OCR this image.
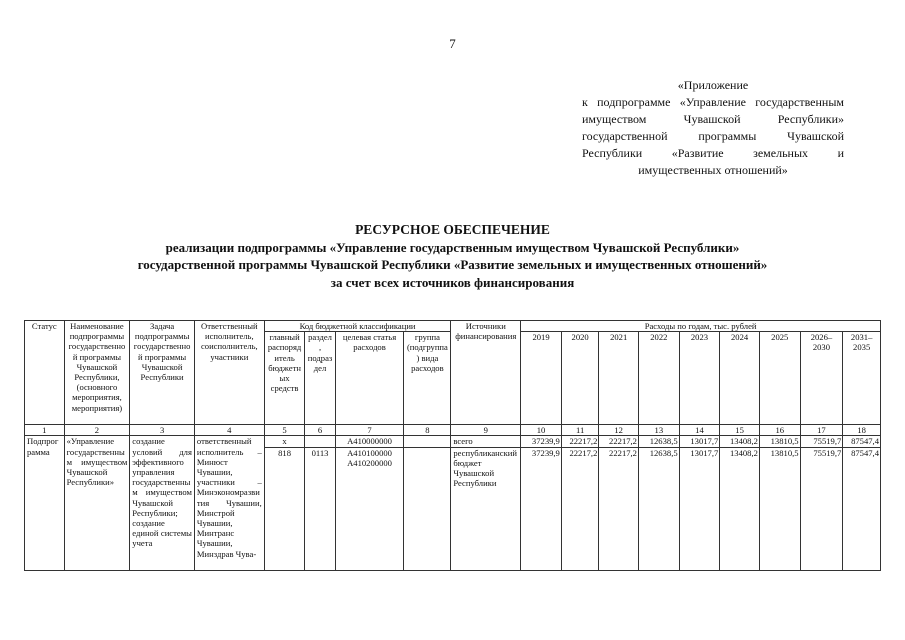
7
«Приложение
к подпрограмме «Управление государственным имуществом Чувашской Республики» государственной программы Чувашской Республики «Развитие земельных и имущественных отношений»
РЕСУРСНОЕ ОБЕСПЕЧЕНИЕ
реализации подпрограммы «Управление государственным имуществом Чувашской Республики»
государственной программы Чувашской Республики «Развитие земельных и имущественных отношений»
за счет всех источников финансирования
Статус	Наименование подпрограммы государственной программы Чувашской Республики, (основного мероприятия, мероприятия)	Задача подпрограммы государственной программы Чувашской Республики	Ответственный исполнитель, соисполнитель, участники	Код бюджетной классификации				Источники финансирования	Расходы по годам, тыс. рублей								
				главный распорядитель бюджетных средств	раздел, подраздел	целевая статья расходов	группа (подгруппа) вида расходов		2019	2020	2021	2022	2023	2024	2025	2026–2030	2031–2035
1	2	3	4	5	6	7	8	9	10	11	12	13	14	15	16	17	18
Подпрограмма	«Управление государственным имуществом Чувашской Республики»	создание условий для эффективного управления государственным имуществом Чувашской Республики; создание единой системы учета	ответственный исполнитель – Минюст Чувашии, участники – Минэкономразвития Чувашии, Минстрой Чувашии, Минтранс Чувашии, Минздрав Чува-	х		А410000000		всего	37239,9	22217,2	22217,2	12638,5	13017,7	13408,2	13810,5	75519,7	87547,4
				818	0113	А410100000 А410200000		республиканский бюджет Чувашской Республики	37239,9	22217,2	22217,2	12638,5	13017,7	13408,2	13810,5	75519,7	87547,4
